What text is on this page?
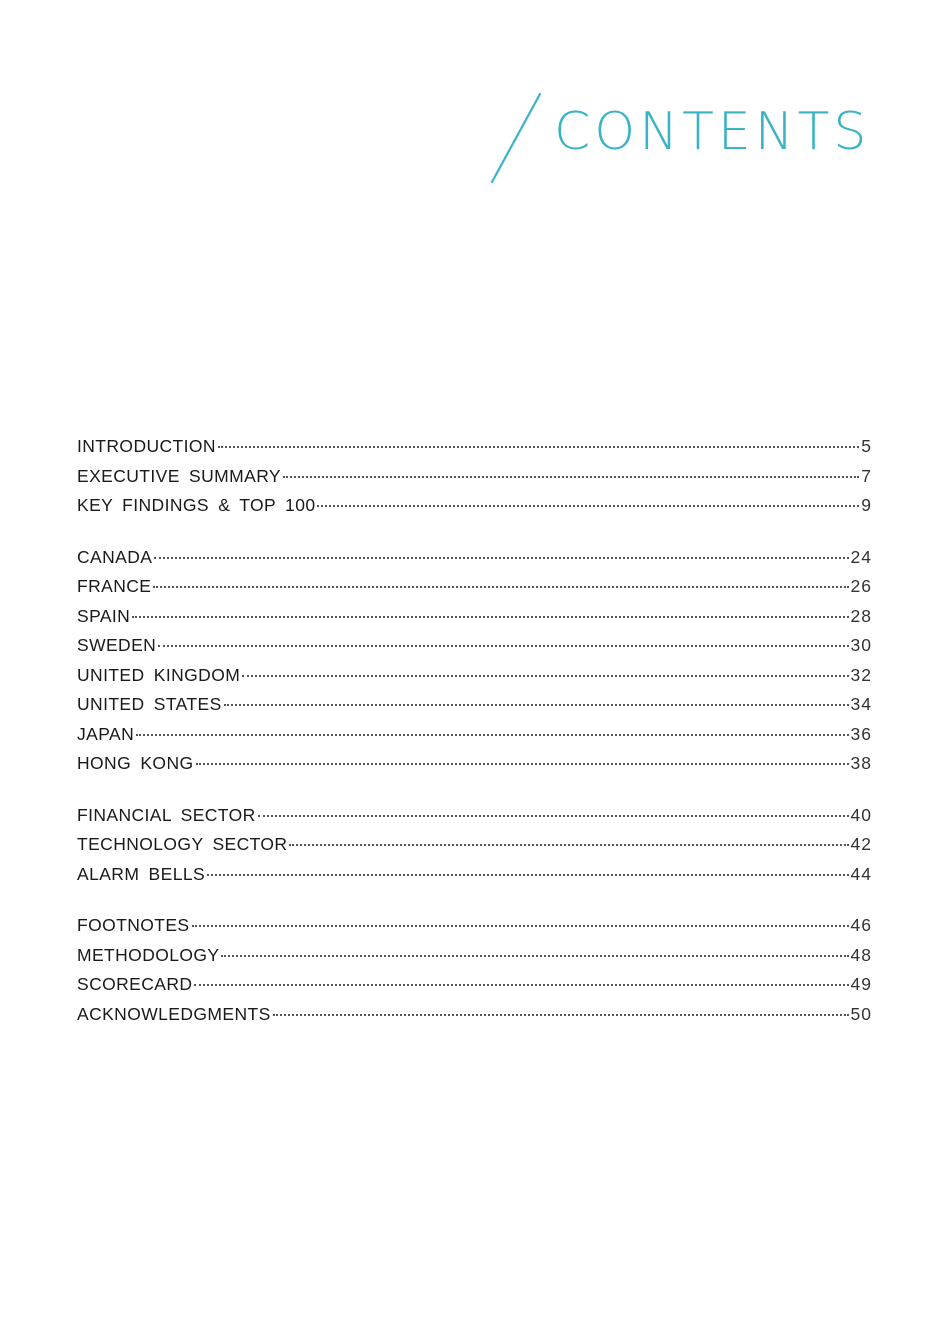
CONTENTS
INTRODUCTION	5
EXECUTIVE SUMMARY	7
KEY FINDINGS & TOP 100	9
CANADA	24
FRANCE	26
SPAIN	28
SWEDEN	30
UNITED KINGDOM	32
UNITED STATES	34
JAPAN	36
HONG KONG	38
FINANCIAL SECTOR	40
TECHNOLOGY SECTOR	42
ALARM BELLS	44
FOOTNOTES	46
METHODOLOGY	48
SCORECARD	49
ACKNOWLEDGMENTS	50
